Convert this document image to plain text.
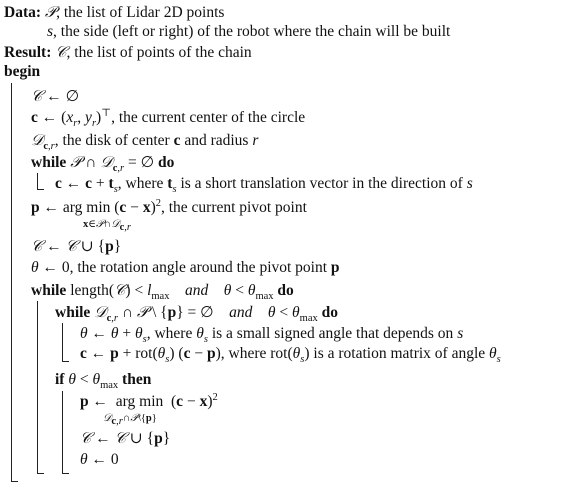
Data: 𝒫, the list of Lidar 2D points
s, the side (left or right) of the robot where the chain will be built
Result: 𝒞, the list of points of the chain
begin
𝒞 ← ∅
c ← ($x_r$, $y_r)^⊤$, the current center of the circle
𝒟$_{c,r}$, the disk of center c and radius r
while 𝒫 ∩ 𝒟$_{c,r}$ = ∅ do
c ← $c + t_s$, where $t_s$ is a short translation vector in the direction of s
p ← arg $\min (c - x)^2$, the current pivot point
x∈𝒫∩𝒟$_{c,r}$
𝒞 ← 𝒞 ∪ {p}
θ ← 0, the rotation angle around the pivot point p
while length(𝒞) < $l_{max}$ and $\theta < \theta_{max}$ do
while 𝒟$_{c,r}$ ∩ 𝒫 \ {p} = ∅    and $\theta < \theta_{max}$ do
θ ← $\theta + \theta_s$, where $\theta_s$ is a small signed angle that depends on s
c ← $p + rot(\theta_s) (c - p)$, where $rot(\theta_s)$ is a rotation matrix of angle $\theta_s$
if $\theta < \theta_{max}$ then
p ←  arg $\min (c - x)^2$
𝒟$_{c,r}$∩𝒫\{p}
𝒞 ← 𝒞 ∪ {p}
θ ← 0
